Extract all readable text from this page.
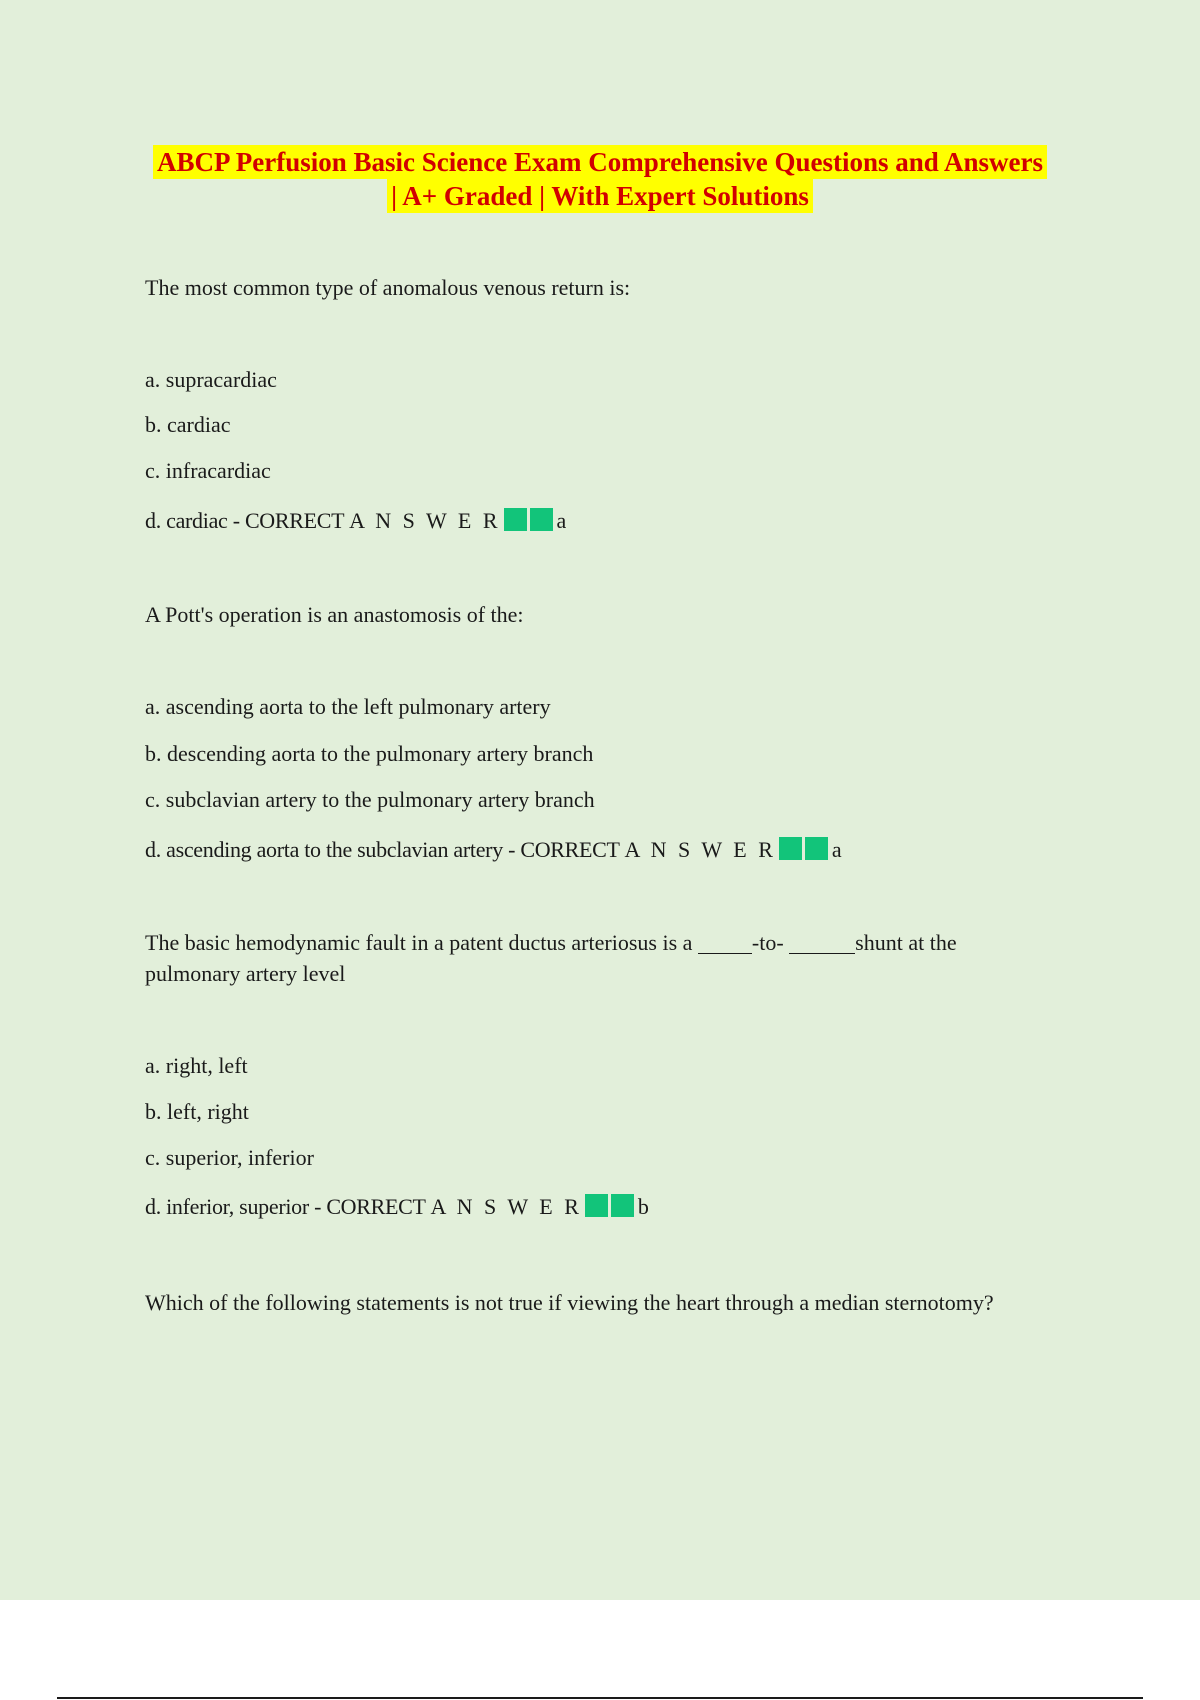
ABCP Perfusion Basic Science Exam Comprehensive Questions and Answers
| A+ Graded | With Expert Solutions
The most common type of anomalous venous return is:
a. supracardiac
b. cardiac
c. infracardiac
d. cardiac - CORRECT A N S W E R	a
A Pott's operation is an anastomosis of the:
a. ascending aorta to the left pulmonary artery
b. descending aorta to the pulmonary artery branch
c. subclavian artery to the pulmonary artery branch
d. ascending aorta to the subclavian artery - CORRECT A N S W E R	a
The basic hemodynamic fault in a patent ductus arteriosus is a	-to-	shunt at the
pulmonary artery level
a. right, left
b. left, right
c. superior, inferior
d. inferior, superior - CORRECT A N S W E R	b
Which of the following statements is not true if viewing the heart through a median sternotomy?
